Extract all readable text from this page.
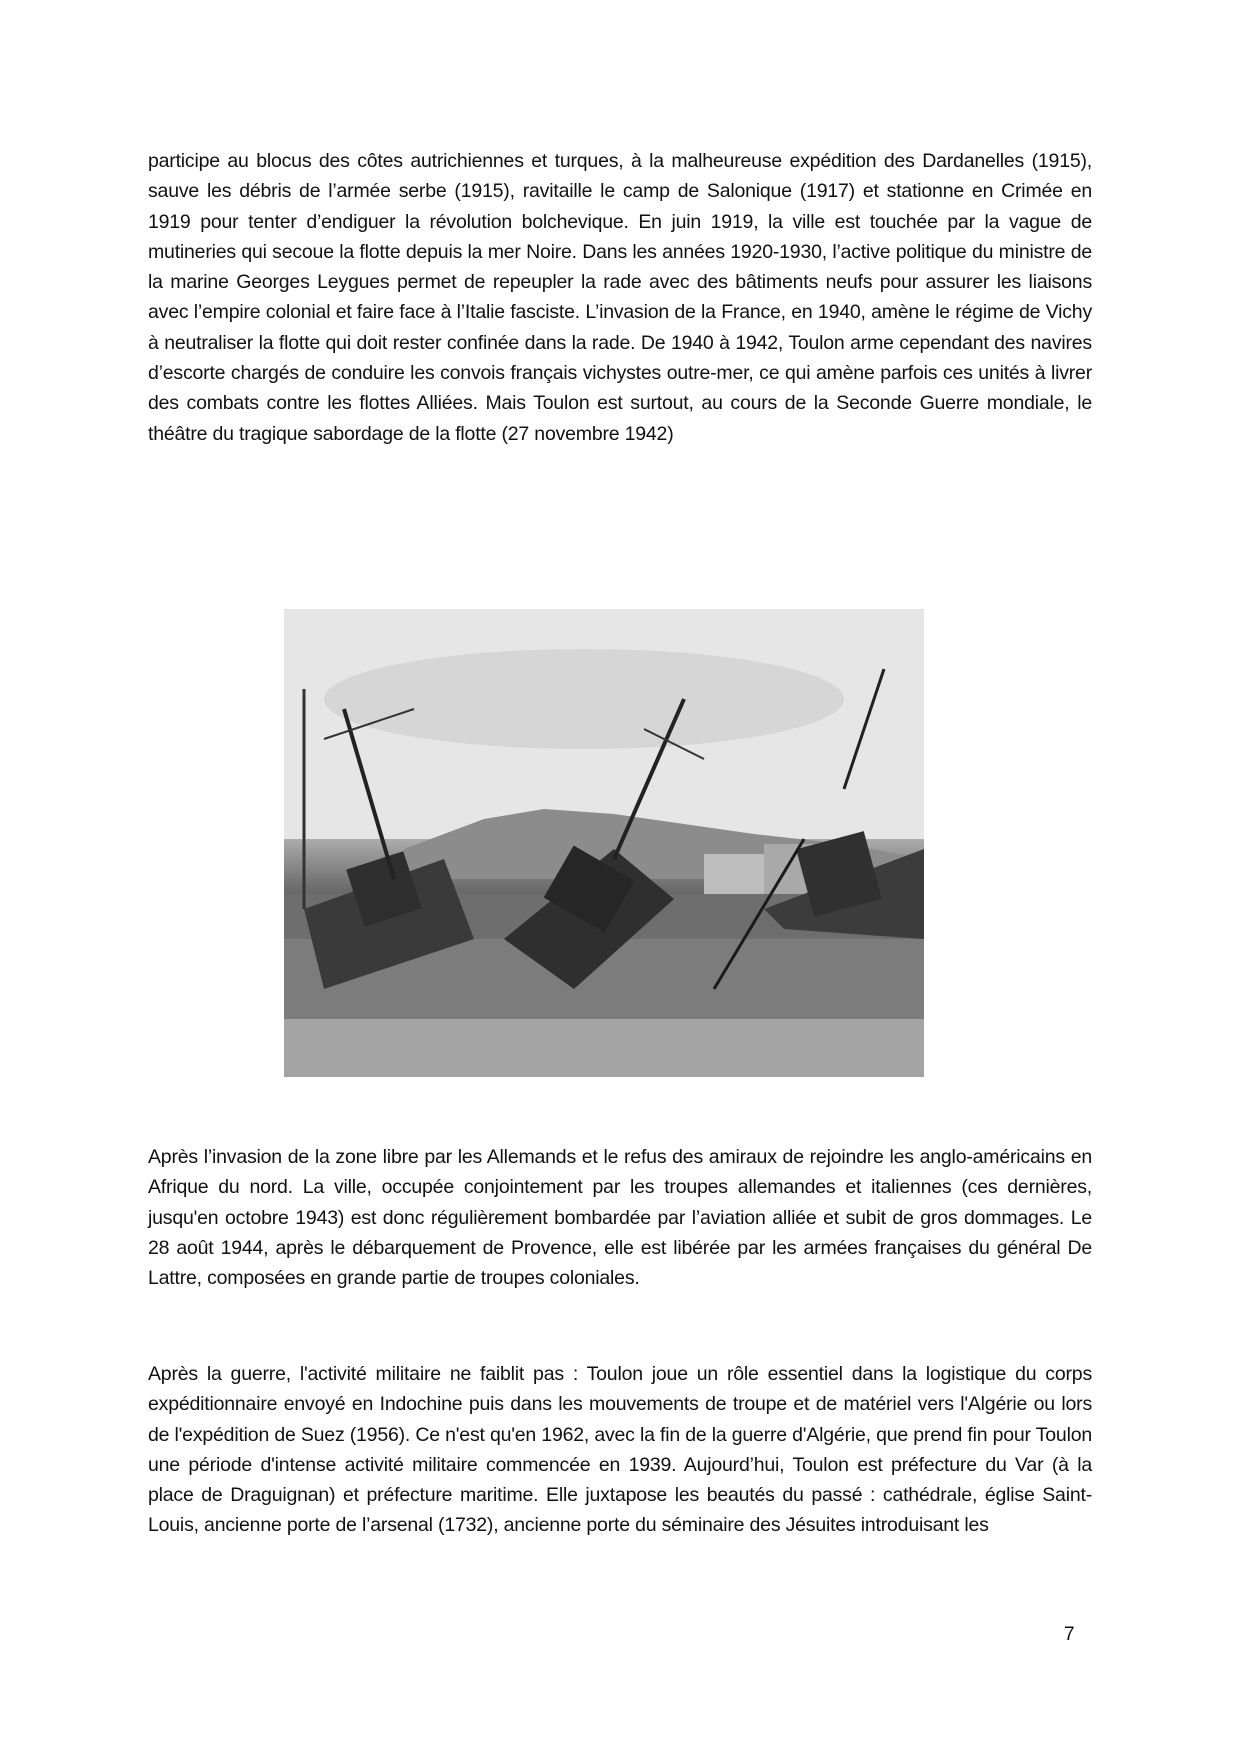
participe au blocus des côtes autrichiennes et turques, à la malheureuse expédition des Dardanelles (1915), sauve les débris de l’armée serbe (1915), ravitaille le camp de Salonique (1917) et stationne en Crimée en 1919 pour tenter d’endiguer la révolution bolchevique. En juin 1919, la ville est touchée par la vague de mutineries qui secoue la flotte depuis la mer Noire. Dans les années 1920-1930, l’active politique du ministre de la marine Georges Leygues permet de repeupler la rade avec des bâtiments neufs pour assurer les liaisons avec l’empire colonial et faire face à l’Italie fasciste. L’invasion de la France, en 1940, amène le régime de Vichy à neutraliser la flotte qui doit rester confinée dans la rade. De 1940 à 1942, Toulon arme cependant des navires d’escorte chargés de conduire les convois français vichystes outre-mer, ce qui amène parfois ces unités à livrer des combats contre les flottes Alliées. Mais Toulon est surtout, au cours de la Seconde Guerre mondiale, le théâtre du tragique sabordage de la flotte (27 novembre 1942)

Après l’invasion de la zone libre par les Allemands et le refus des amiraux de rejoindre les anglo-américains en Afrique du nord. La ville, occupée conjointement par les troupes allemandes et italiennes (ces dernières, jusqu'en octobre 1943) est donc régulièrement bombardée par l’aviation alliée et subit de gros dommages. Le 28 août 1944, après le débarquement de Provence, elle est libérée par les armées françaises du général De Lattre, composées en grande partie de troupes coloniales.

Après la guerre, l'activité militaire ne faiblit pas : Toulon joue un rôle essentiel dans la logistique du corps expéditionnaire envoyé en Indochine puis dans les mouvements de troupe et de matériel vers l'Algérie ou lors de l'expédition de Suez (1956). Ce n'est qu'en 1962, avec la fin de la guerre d'Algérie, que prend fin pour Toulon une période d'intense activité militaire commencée en 1939. Aujourd’hui, Toulon est préfecture du Var (à la place de Draguignan) et préfecture maritime. Elle juxtapose les beautés du passé : cathédrale, église Saint-Louis, ancienne porte de l’arsenal (1732), ancienne porte du séminaire des Jésuites introduisant les

7
